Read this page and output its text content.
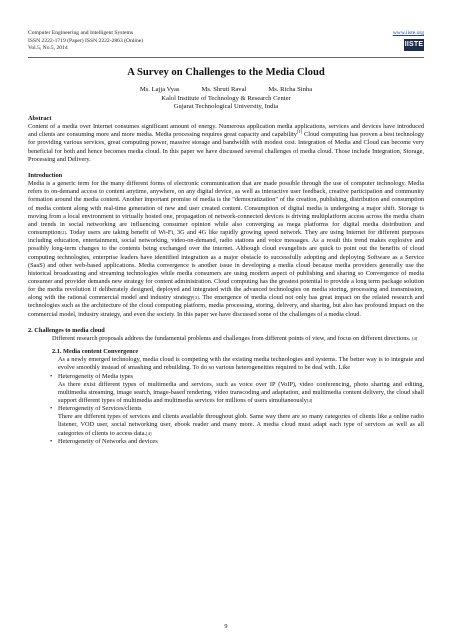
Computer Engineering and Intelligent Systems
ISSN 2222-1719 (Paper) ISSN 2222-2863 (Online)
Vol.5, No.5, 2014
www.iiste.org
IISTE
A Survey on Challenges to the Media Cloud
Ms. Lajja Vyas	Ms. Shruti Raval	Ms. Richa Sinha
Kalol Institute of Technology & Research Center
Gujarat Technological University, India
Abstract

Content of a media over Internet consumes significant amount of energy. Numerous application media applications, services and devices have introduced and clients are consuming more and more media. Media processing requires great capacity and capability[1] Cloud computing has proven a best technology for providing various services, great computing power, massive storage and bandwidth with modest cost. Integration of Media and Cloud can become very beneficial for both and hence becomes media cloud. In this paper we have discussed several challenges of media cloud. Those include Integration, Storage, Processing and Delivery.

Introduction

Media is a generic term for the many different forms of electronic communication that are made possible through the use of computer technology. Media refers to on-demand access to content anytime, anywhere, on any digital device, as well as interactive user feedback, creative participation and community formation around the media content. Another important promise of media is the "democratization" of the creation, publishing, distribution and consumption of media content along with real-time generation of new and user created content. Consumption of digital media is undergoing a major shift. Storage is moving from a local environment to virtually hosted one, propagation of network-connected devices is driving multiplatform access across the media chain and trends in social networking are influencing consumer opinion while also converging as mega platforms for digital media distribution and consumption[2]. Today users are taking benefit of Wi-Fi, 3G and 4G like rapidly growing speed network. They are using Internet for different purposes including education, entertainment, social networking, video-on-demand, radio stations and voice messages. As a result this trend makes explosive and possibly long-term changes to the contents being exchanged over the internet. Although cloud evangelists are quick to point out the benefits of cloud computing technologies, enterprise leaders have identified integration as a major obstacle to successfully adopting and deploying Software as a Service (SaaS) and other web-based applications. Media convergence is another issue in developing a media cloud because media providers generally use the historical broadcasting and streaming technologies while media consumers are using modern aspect of publishing and sharing so Convergence of media consumer and provider demands new strategy for content administration. Cloud computing has the greatest potential to provide a long term package solution for the media revolution if deliberately designed, deployed and integrated with the advanced technologies on media storing, processing and transmission, along with the rational commercial model and industry strategy[3]. The emergence of media cloud not only has great impact on the related research and technologies such as the architecture of the cloud computing platform, media processing, storing, delivery, and sharing, but also has profound impact on the commercial model, industry strategy, and even the society. In this paper we have discussed some of the challenges of a media cloud.

2. Challenges to media cloud

Different research proposals address the fundamental problems and challenges from different points of view, and focus on different directions. [4]

2.1. Media content Convergence

As a newly emerged technology, media cloud is competing with the existing media technologies and systems. The better way is to integrate and evolve smoothly instead of smashing and rebuilding. To do so various heterogeneities required to be deal with. Like

• Heterogeneity of Media types

As there exist different types of multimedia and services, such as voice over IP (VoIP), video conferencing, photo sharing and editing, multimedia streaming, image search, image-based rendering, video transcoding and adaptation, and multimedia content delivery, the cloud shall support different types of multimedia and multimedia services for millions of users simultaneously[4]

• Heterogeneity of Services/clients

There are different types of services and clients available throughout glob. Same way there are so many categories of clients like a online radio listener, VOD user, social networking user, ebook reader and many more. A media cloud must adapt each type of services as well as all categories of clients to access data.[4]

• Heterogeneity of Networks and devices
9
